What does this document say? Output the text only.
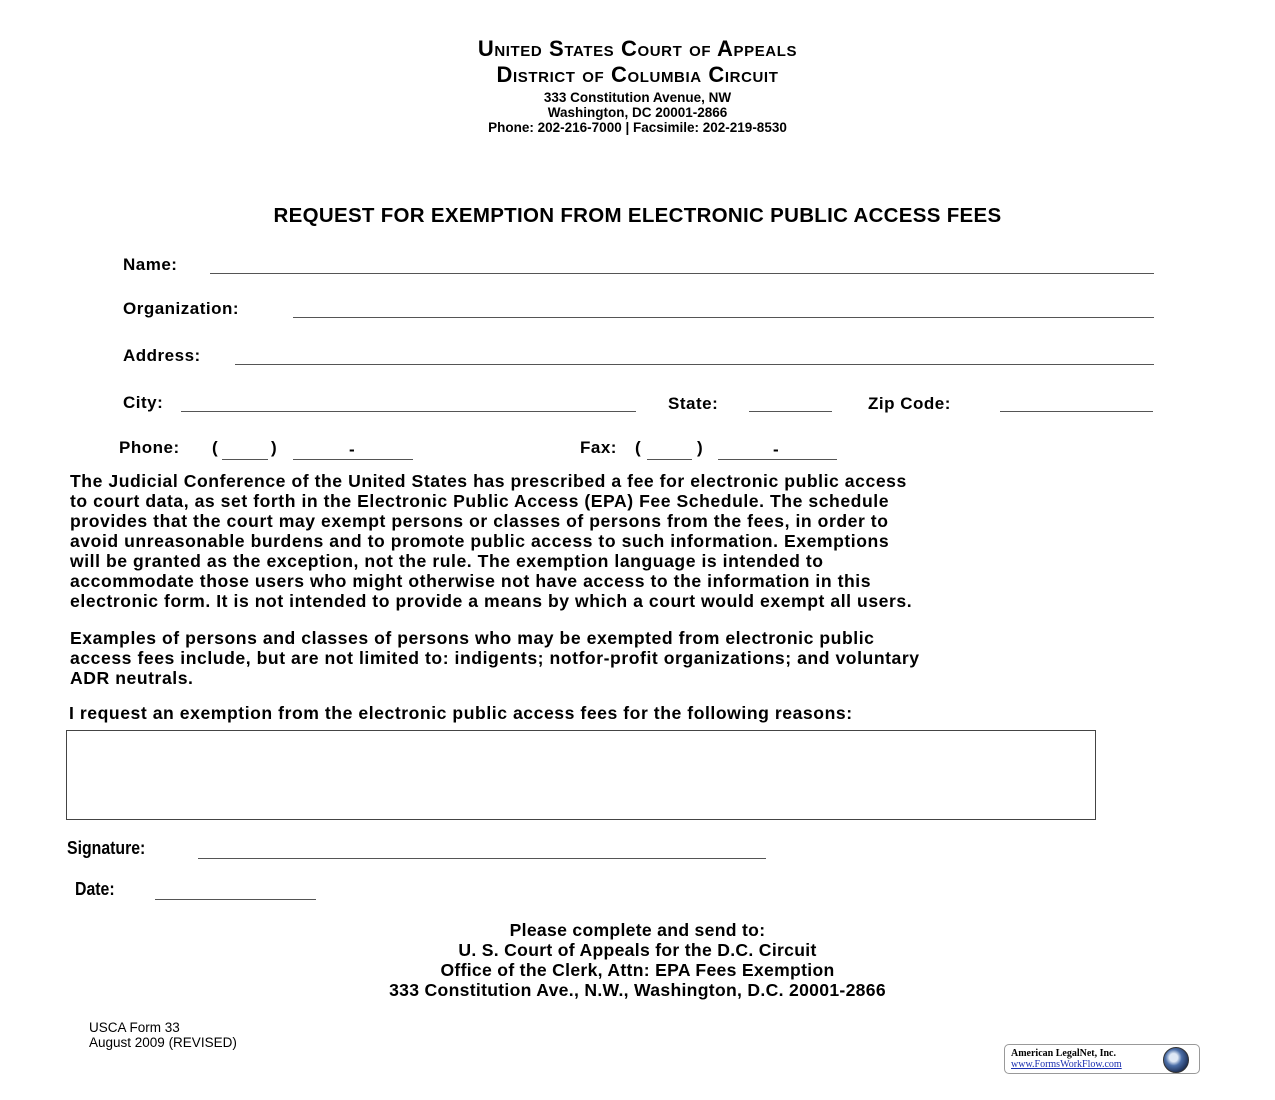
United States Court of Appeals
District of Columbia Circuit
333 Constitution Avenue, NW
Washington, DC 20001-2866
Phone: 202-216-7000 | Facsimile: 202-219-8530
REQUEST FOR EXEMPTION FROM ELECTRONIC PUBLIC ACCESS FEES
Name:
Organization:
Address:
City:	State:	Zip Code:
Phone: (	)	-	Fax: (	)	-
The Judicial Conference of the United States has prescribed a fee for electronic public access
to court data, as set forth in the Electronic Public Access (EPA) Fee Schedule. The schedule
provides that the court may exempt persons or classes of persons from the fees, in order to
avoid unreasonable burdens and to promote public access to such information. Exemptions
will be granted as the exception, not the rule. The exemption language is intended to
accommodate those users who might otherwise not have access to the information in this
electronic form. It is not intended to provide a means by which a court would exempt all users.
Examples of persons and classes of persons who may be exempted from electronic public
access fees include, but are not limited to: indigents; notfor-profit organizations; and voluntary
ADR neutrals.
I request an exemption from the electronic public access fees for the following reasons:
Signature:
Date:
Please complete and send to:
U. S. Court of Appeals for the D.C. Circuit
Office of the Clerk, Attn: EPA Fees Exemption
333 Constitution Ave., N.W., Washington, D.C. 20001-2866
USCA Form 33
August 2009 (REVISED)
American LegalNet, Inc.
www.FormsWorkFlow.com
